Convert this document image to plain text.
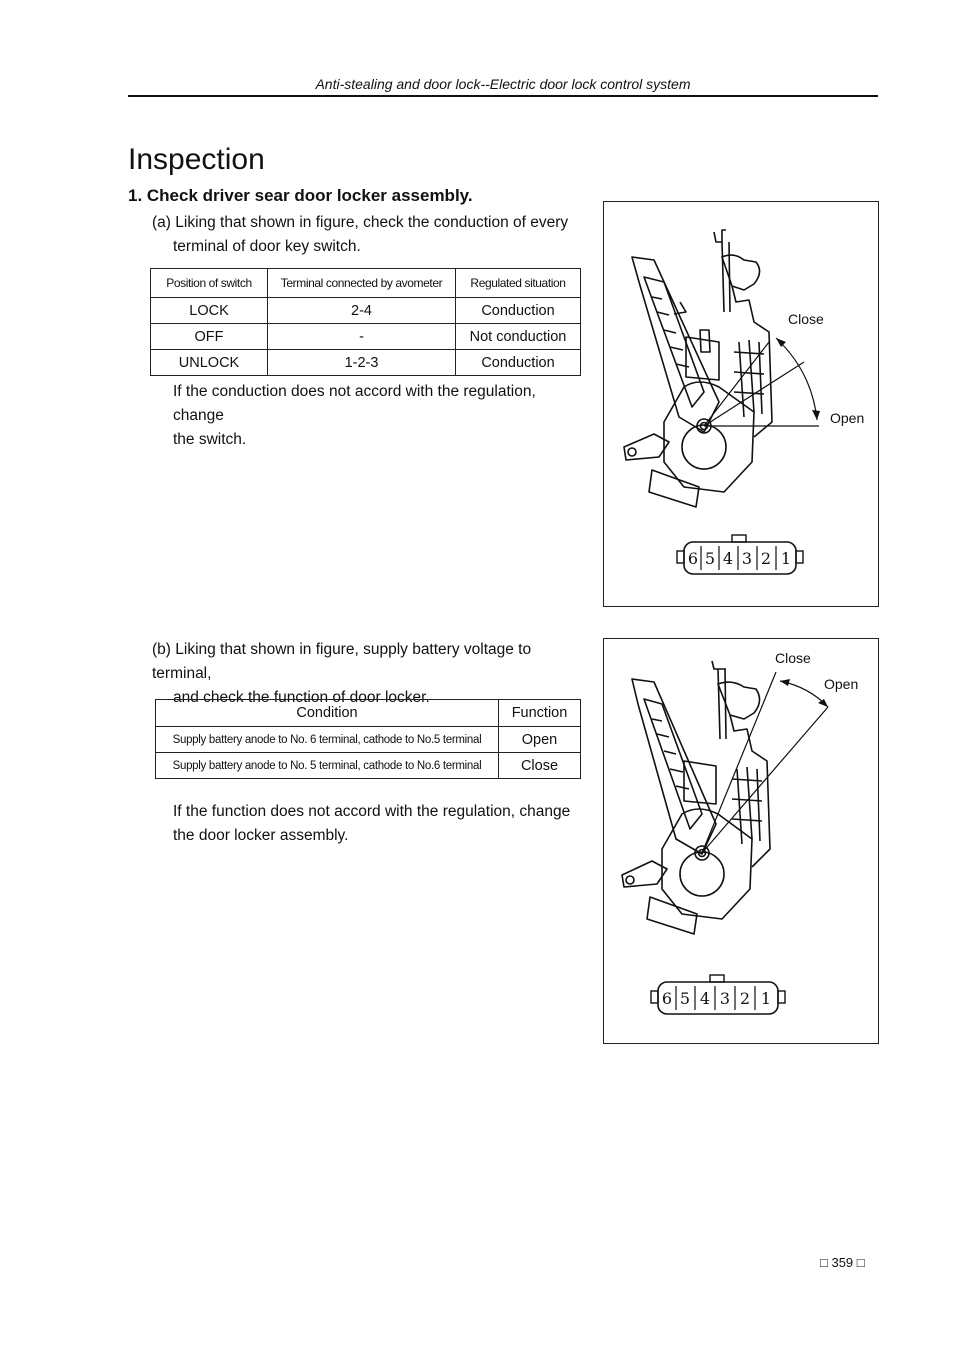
Anti-stealing and door lock--Electric door lock control system
Inspection
1. Check driver sear door locker assembly.
(a) Liking that shown in figure, check the conduction of every
terminal of door key switch.
Position of switch	Terminal connected by avometer	Regulated situation
LOCK	2-4	Conduction
OFF	-	Not conduction
UNLOCK	1-2-3	Conduction
If the conduction does not accord with the regulation, change
the switch.
(b) Liking that shown in figure, supply battery voltage to terminal,
and check the function of door locker.
Condition	Function
Supply battery anode to No. 6 terminal, cathode to No.5 terminal	Open
Supply battery anode to No. 5 terminal, cathode to No.6 terminal	Close
If the function does not accord with the regulation, change
the door locker assembly.
6 5 4 3 2 1
Close
Open
6 5 4 3 2 1
Close
Open
□ 359 □
